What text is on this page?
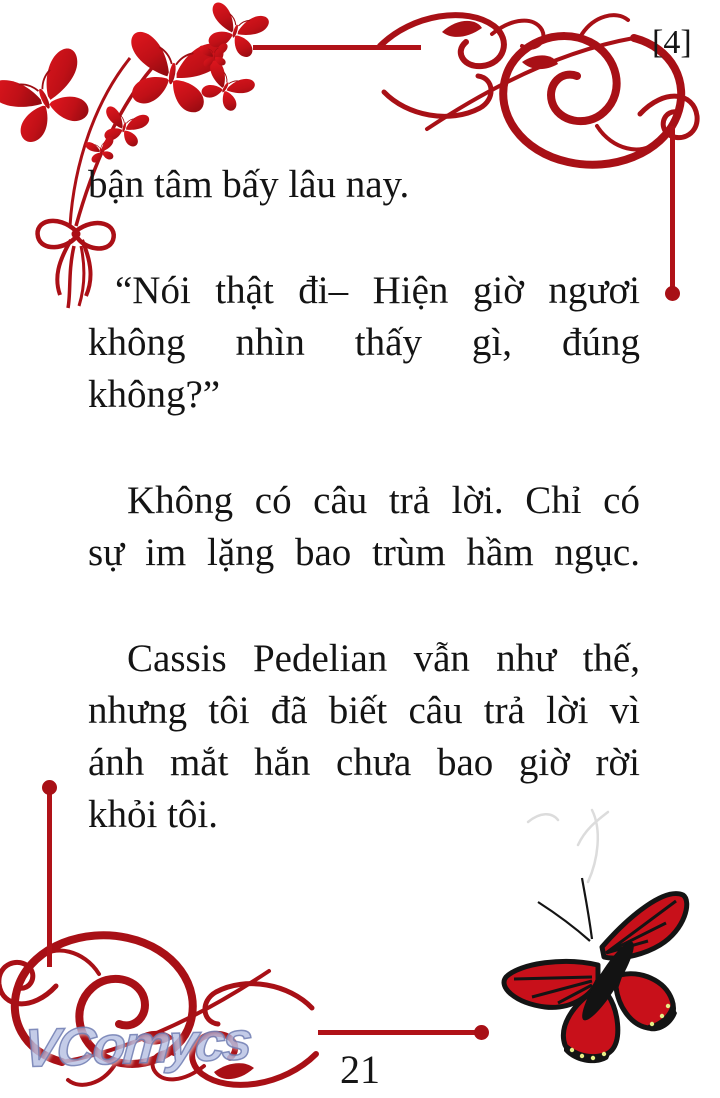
[4]
bận tâm bấy lâu nay.
“Nói thật đi– Hiện giờ ngươi
không nhìn thấy gì, đúng
không?”
Không có câu trả lời. Chỉ có
sự im lặng bao trùm hầm ngục.
Cassis Pedelian vẫn như thế,
nhưng tôi đã biết câu trả lời vì
ánh mắt hắn chưa bao giờ rời
khỏi tôi.
VComycs	21
